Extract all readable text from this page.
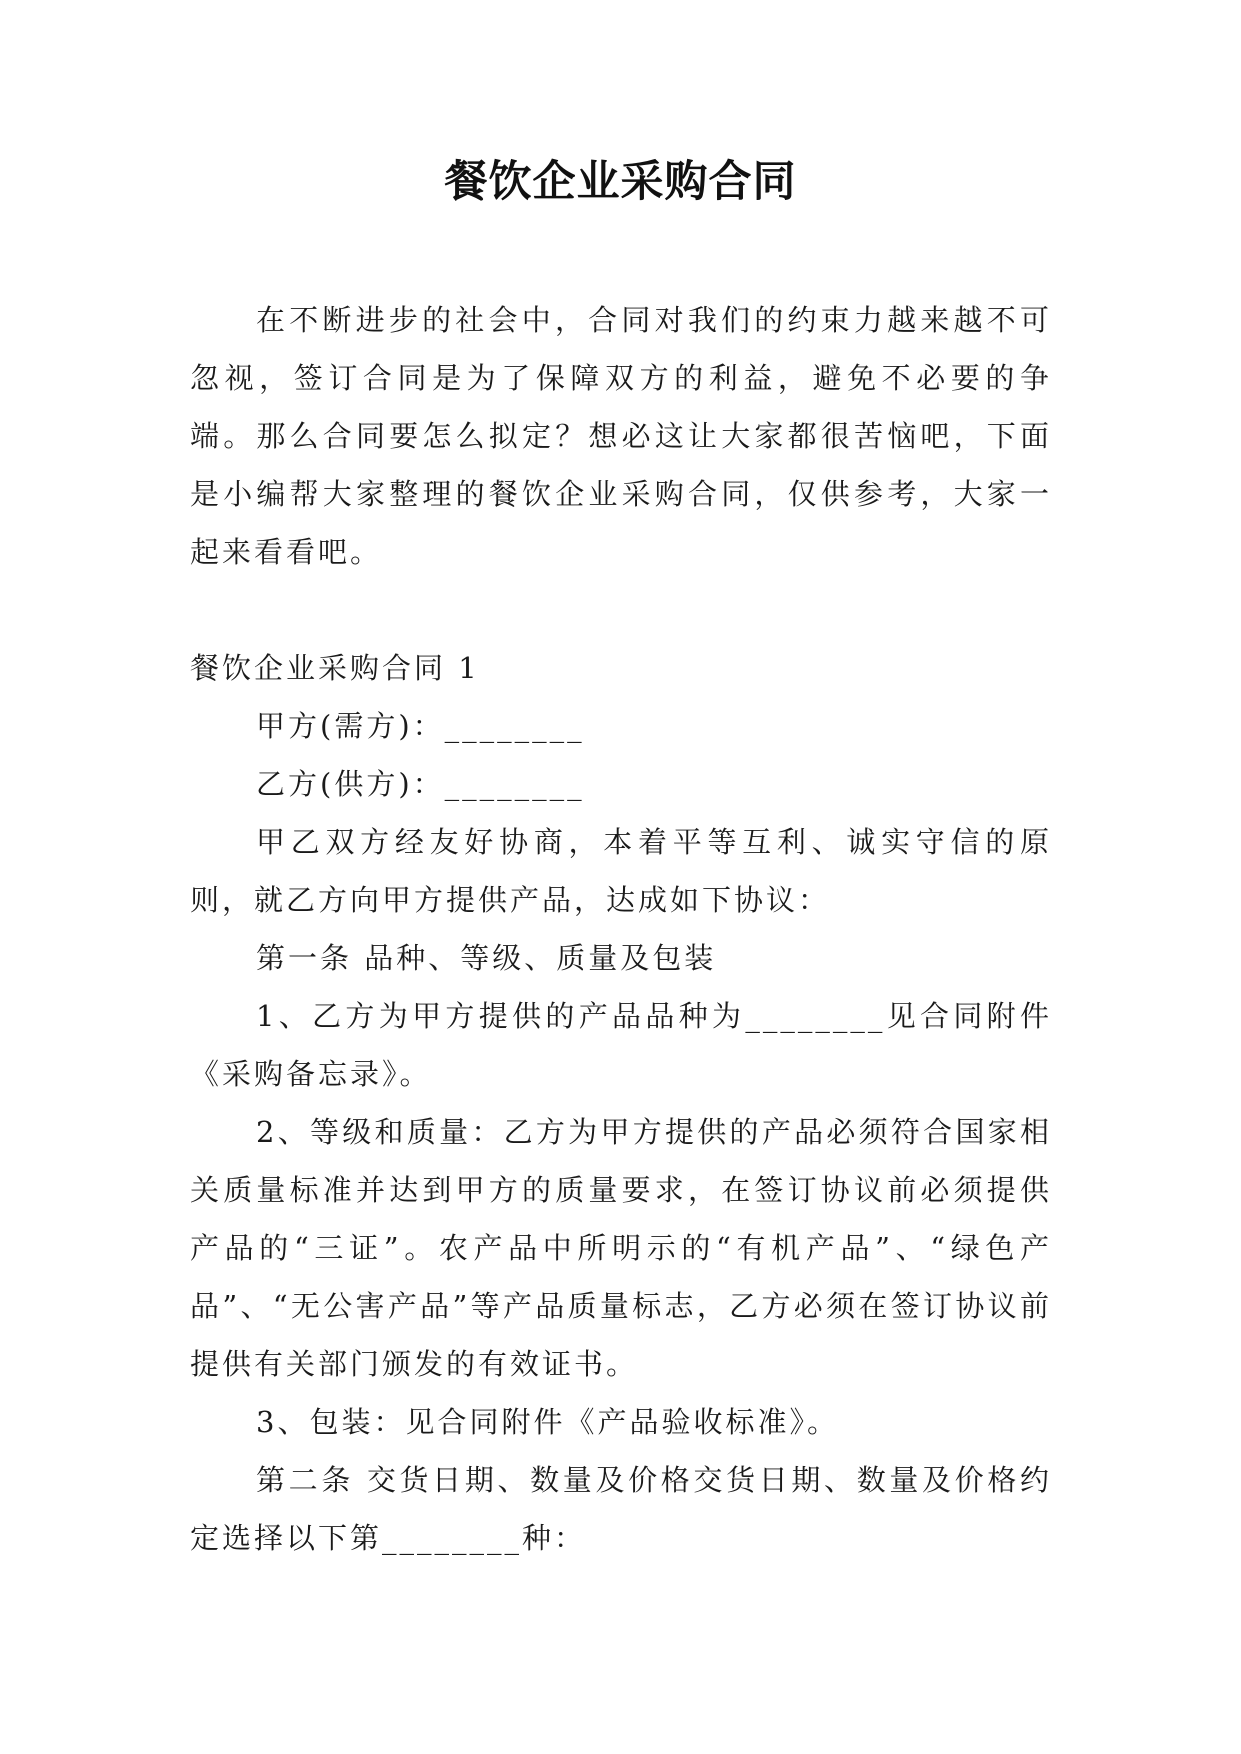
餐饮企业采购合同

在不断进步的社会中，合同对我们的约束力越来越不可忽视，签订合同是为了保障双方的利益，避免不必要的争端。那么合同要怎么拟定？想必这让大家都很苦恼吧，下面是小编帮大家整理的餐饮企业采购合同，仅供参考，大家一起来看看吧。

餐饮企业采购合同 1

甲方(需方)：________

乙方(供方)：________

甲乙双方经友好协商，本着平等互利、诚实守信的原则，就乙方向甲方提供产品，达成如下协议：

第一条 品种、等级、质量及包装

1、乙方为甲方提供的产品品种为________见合同附件《采购备忘录》。

2、等级和质量：乙方为甲方提供的产品必须符合国家相关质量标准并达到甲方的质量要求，在签订协议前必须提供产品的“三证”。农产品中所明示的“有机产品”、“绿色产品”、“无公害产品”等产品质量标志，乙方必须在签订协议前提供有关部门颁发的有效证书。

3、包装：见合同附件《产品验收标准》。

第二条 交货日期、数量及价格交货日期、数量及价格约定选择以下第________种：
